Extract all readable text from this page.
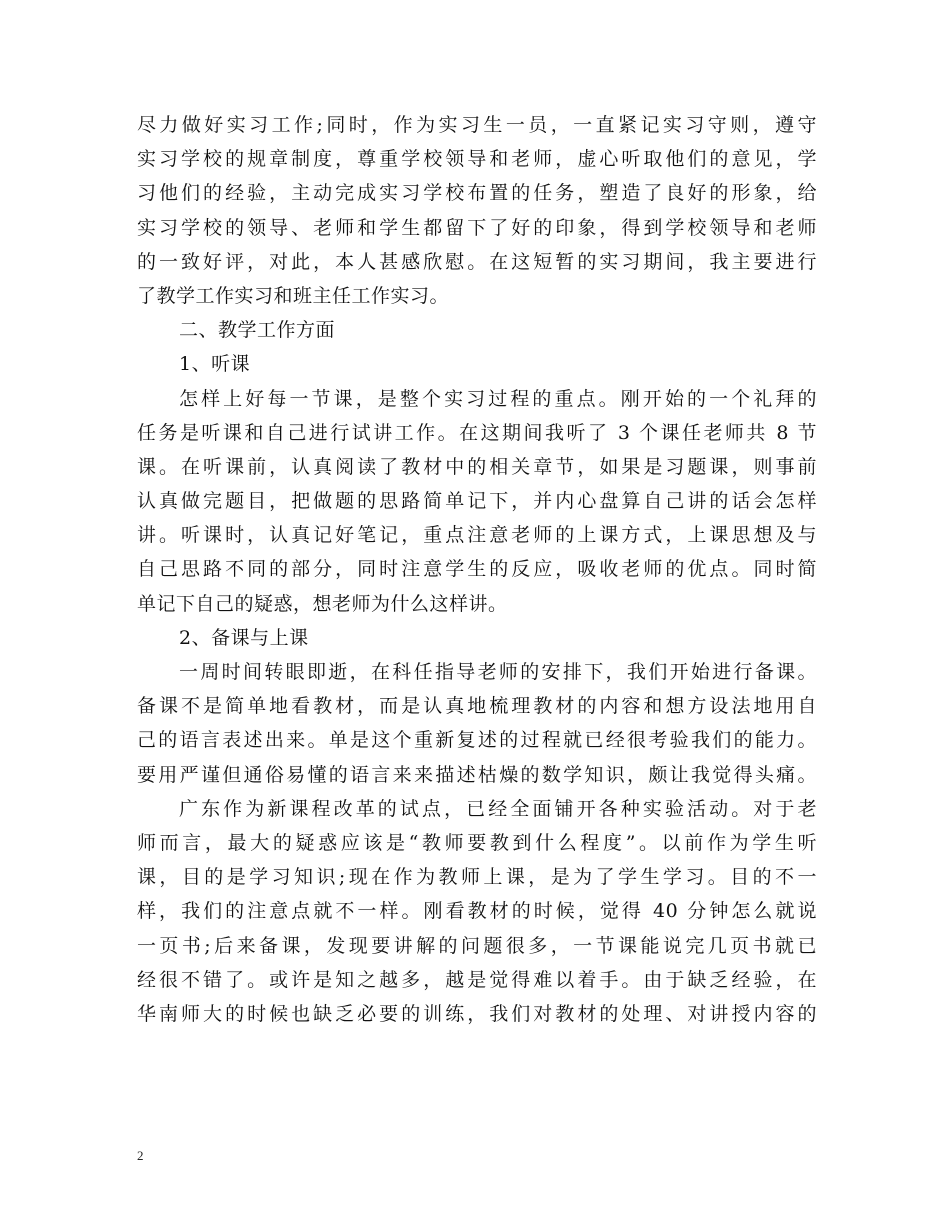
尽力做好实习工作;同时，作为实习生一员，一直紧记实习守则，遵守
实习学校的规章制度，尊重学校领导和老师，虚心听取他们的意见，学
习他们的经验，主动完成实习学校布置的任务，塑造了良好的形象，给
实习学校的领导、老师和学生都留下了好的印象，得到学校领导和老师
的一致好评，对此，本人甚感欣慰。在这短暂的实习期间，我主要进行
了教学工作实习和班主任工作实习。
二、教学工作方面
1、听课
怎样上好每一节课，是整个实习过程的重点。刚开始的一个礼拜的
任务是听课和自己进行试讲工作。在这期间我听了 3 个课任老师共 8 节
课。在听课前，认真阅读了教材中的相关章节，如果是习题课，则事前
认真做完题目，把做题的思路简单记下，并内心盘算自己讲的话会怎样
讲。听课时，认真记好笔记，重点注意老师的上课方式，上课思想及与
自己思路不同的部分，同时注意学生的反应，吸收老师的优点。同时简
单记下自己的疑惑，想老师为什么这样讲。
2、备课与上课
一周时间转眼即逝，在科任指导老师的安排下，我们开始进行备课。
备课不是简单地看教材，而是认真地梳理教材的内容和想方设法地用自
己的语言表述出来。单是这个重新复述的过程就已经很考验我们的能力。
要用严谨但通俗易懂的语言来来描述枯燥的数学知识，颇让我觉得头痛。
广东作为新课程改革的试点，已经全面铺开各种实验活动。对于老
师而言，最大的疑惑应该是“教师要教到什么程度”。以前作为学生听
课，目的是学习知识;现在作为教师上课，是为了学生学习。目的不一
样，我们的注意点就不一样。刚看教材的时候，觉得 40 分钟怎么就说
一页书;后来备课，发现要讲解的问题很多，一节课能说完几页书就已
经很不错了。或许是知之越多，越是觉得难以着手。由于缺乏经验，在
华南师大的时候也缺乏必要的训练，我们对教材的处理、对讲授内容的
2
